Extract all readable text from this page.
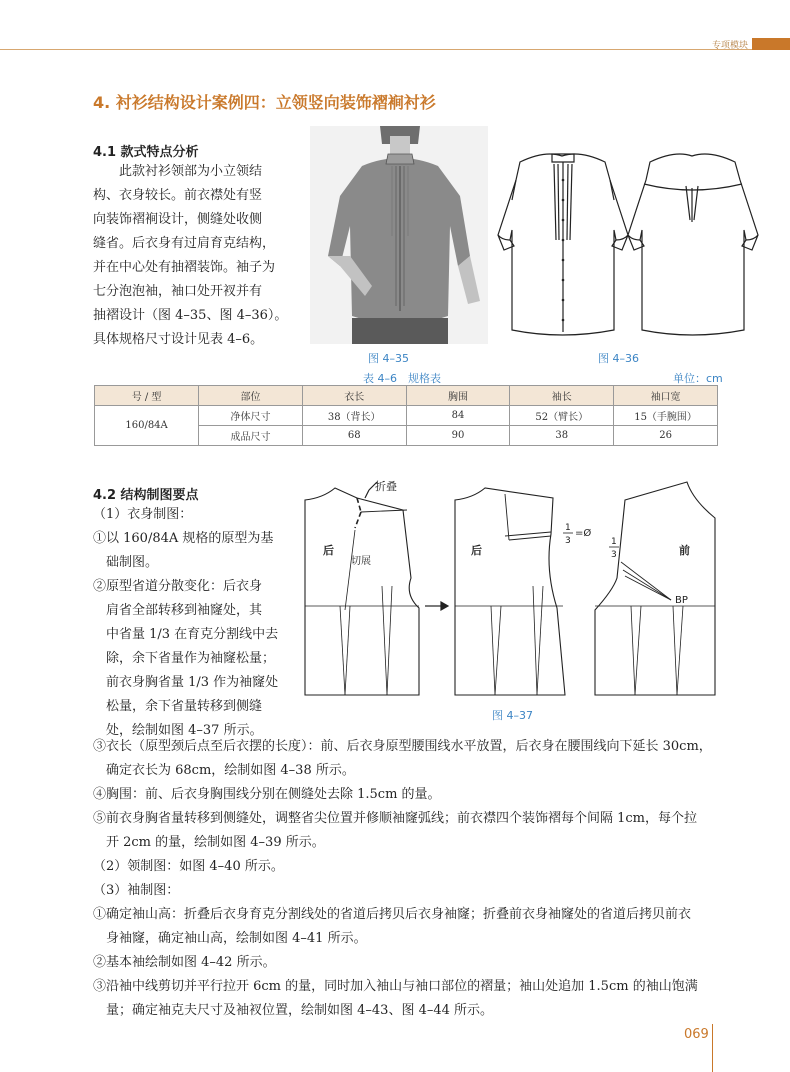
专项模块
4. 衬衫结构设计案例四：立领竖向装饰褶裥衬衫
4.1 款式特点分析

此款衬衫领部为小立领结

构、衣身较长。前衣襟处有竖

向装饰褶裥设计，侧缝处收侧

缝省。后衣身有过肩育克结构，

并在中心处有抽褶装饰。袖子为

七分泡泡袖，袖口处开衩并有

抽褶设计（图 4–35、图 4–36）。

具体规格尺寸设计见表 4–6。

图 4–35	图 4–36
表 4–6　规格表	单位：cm
号 / 型	部位	衣长	胸围	袖长	袖口宽
160/84A	净体尺寸	38（背长）	84	52（臂长）	15（手腕围）
	成品尺寸	68	90	38	26
4.2 结构制图要点

（1）衣身制图：

①以 160/84A 规格的原型为基

　础制图。

②原型省道分散变化：后衣身

　肩省全部转移到袖窿处，其

　中省量 1/3 在育克分割线中去

　除，余下省量作为袖窿松量；

　前衣身胸省量 1/3 作为袖窿处

　松量，余下省量转移到侧缝

　处，绘制如图 4–37 所示。

折叠
切展
后	后	前
BP
1
3
=Ø
1
3
图 4–37

③衣长（原型颈后点至后衣摆的长度）：前、后衣身原型腰围线水平放置，后衣身在腰围线向下延长 30cm，

　确定衣长为 68cm，绘制如图 4–38 所示。

④胸围：前、后衣身胸围线分别在侧缝处去除 1.5cm 的量。

⑤前衣身胸省量转移到侧缝处，调整省尖位置并修顺袖窿弧线；前衣襟四个装饰褶每个间隔 1cm，每个拉

　开 2cm 的量，绘制如图 4–39 所示。

（2）领制图：如图 4–40 所示。

（3）袖制图：

①确定袖山高：折叠后衣身育克分割线处的省道后拷贝后衣身袖窿；折叠前衣身袖窿处的省道后拷贝前衣

　身袖窿，确定袖山高，绘制如图 4–41 所示。

②基本袖绘制如图 4–42 所示。

③沿袖中线剪切并平行拉开 6cm 的量，同时加入袖山与袖口部位的褶量；袖山处追加 1.5cm 的袖山饱满

　量；确定袖克夫尺寸及袖衩位置，绘制如图 4–43、图 4–44 所示。

069
